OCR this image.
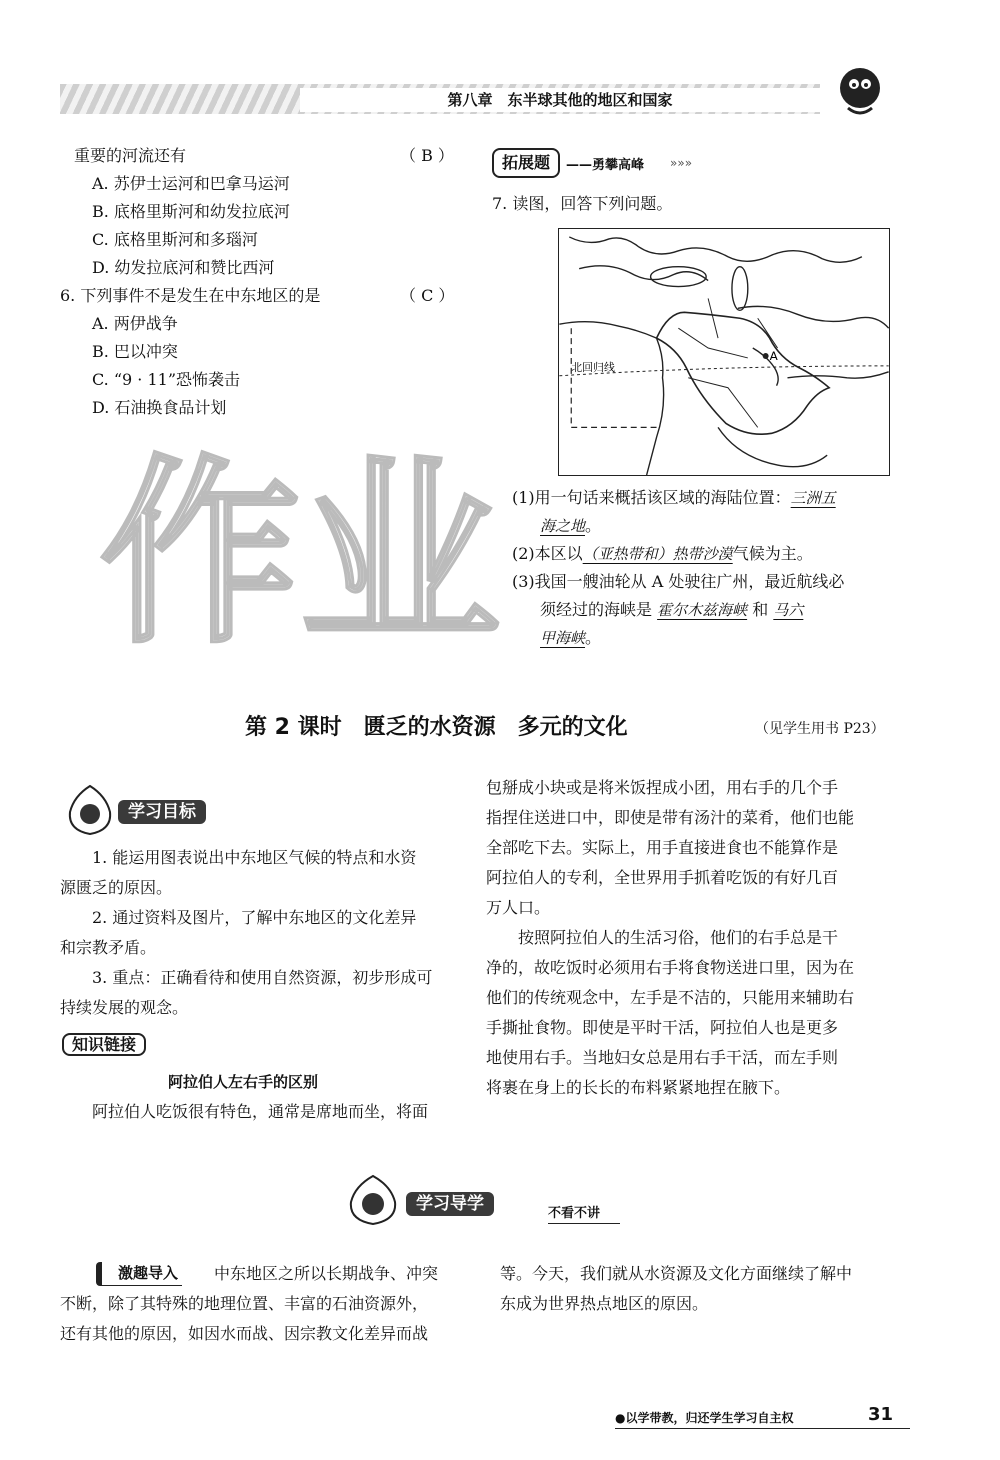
第八章　东半球其他的地区和国家
重要的河流还有	（ B ）
A. 苏伊士运河和巴拿马运河
B. 底格里斯河和幼发拉底河
C. 底格里斯河和多瑙河
D. 幼发拉底河和赞比西河
6. 下列事件不是发生在中东地区的是	（ C ）
A. 两伊战争
B. 巴以冲突
C. “9 · 11”恐怖袭击
D. 石油换食品计划
作 业
拓展题	——勇攀高峰 »»»
7. 读图，回答下列问题。
A
北回归线
(1)用一句话来概括该区域的海陆位置：三洲五
海之地。
(2)本区以（亚热带和）热带沙漠气候为主。
(3)我国一艘油轮从 A 处驶往广州，最近航线必
须经过的海峡是 霍尔木兹海峡 和 马六
甲海峡。
第 2 课时　匮乏的水资源　多元的文化	（见学生用书 P23）
学习目标
1. 能运用图表说出中东地区气候的特点和水资
源匮乏的原因。
2. 通过资料及图片，了解中东地区的文化差异
和宗教矛盾。
3. 重点：正确看待和使用自然资源，初步形成可
持续发展的观念。
知识链接
阿拉伯人左右手的区别
阿拉伯人吃饭很有特色，通常是席地而坐，将面
包掰成小块或是将米饭捏成小团，用右手的几个手
指捏住送进口中，即使是带有汤汁的菜肴，他们也能
全部吃下去。实际上，用手直接进食也不能算作是
阿拉伯人的专利，全世界用手抓着吃饭的有好几百
万人口。
按照阿拉伯人的生活习俗，他们的右手总是干
净的，故吃饭时必须用右手将食物送进口里，因为在
他们的传统观念中，左手是不洁的，只能用来辅助右
手撕扯食物。即使是平时干活，阿拉伯人也是更多
地使用右手。当地妇女总是用右手干活，而左手则
将裹在身上的长长的布料紧紧地捏在腋下。
学习导学	不看不讲
激趣导入 中东地区之所以长期战争、冲突
不断，除了其特殊的地理位置、丰富的石油资源外，
还有其他的原因，如因水而战、因宗教文化差异而战
等。今天，我们就从水资源及文化方面继续了解中
东成为世界热点地区的原因。
●以学带教，归还学生学习自主权	31
